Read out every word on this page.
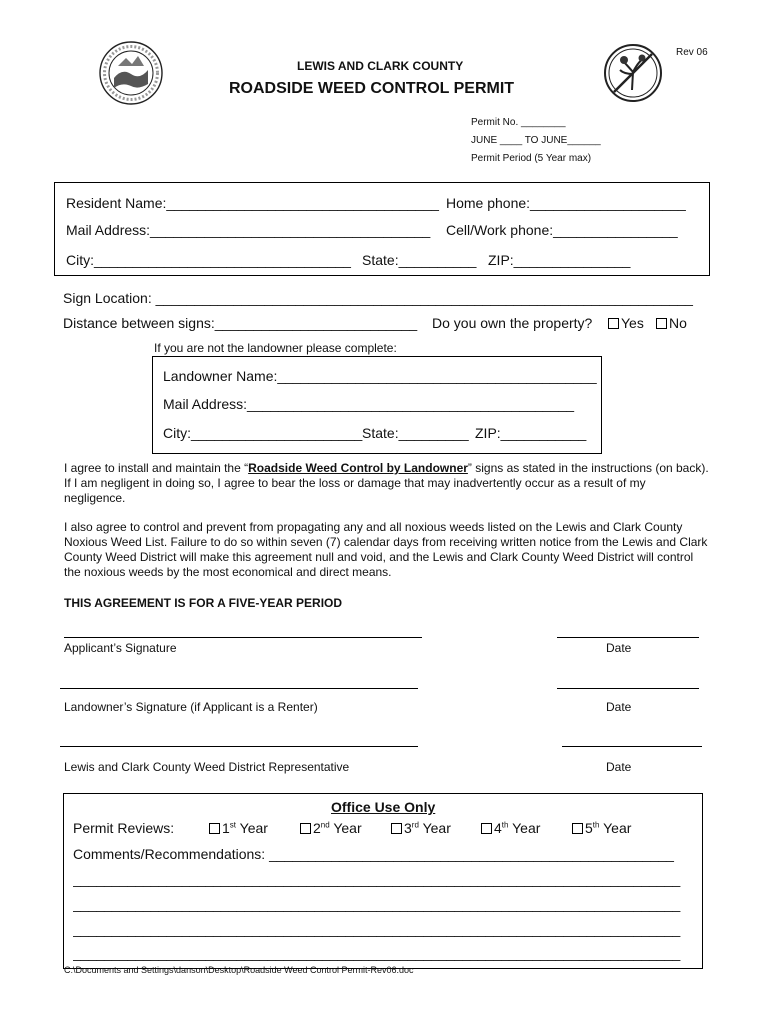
Rev 06
LEWIS AND CLARK COUNTY
ROADSIDE WEED CONTROL PERMIT
Permit No. ________
JUNE ____ TO JUNE______
Permit Period (5 Year max)
Resident Name:___________________________________ Home phone:____________________
Mail Address:____________________________________ Cell/Work phone:________________
City:_________________________________ State:__________ ZIP:_______________
Sign Location: _____________________________________________________________________
Distance between signs:__________________________ Do you own the property?	Yes	No
If you are not the landowner please complete:
Landowner Name:_________________________________________
Mail Address:__________________________________________
City:______________________ State:_________ ZIP:___________
I agree to install and maintain the “Roadside Weed Control by Landowner” signs as stated in the instructions (on back). If I am negligent in doing so, I agree to bear the loss or damage that may inadvertently occur as a result of my negligence.
I also agree to control and prevent from propagating any and all noxious weeds listed on the Lewis and Clark County Noxious Weed List. Failure to do so within seven (7) calendar days from receiving written notice from the Lewis and Clark County Weed District will make this agreement null and void, and the Lewis and Clark County Weed District will control the noxious weeds by the most economical and direct means.
THIS AGREEMENT IS FOR A FIVE-YEAR PERIOD
Applicant’s Signature	Date
Landowner’s Signature (if Applicant is a Renter)	Date
Lewis and Clark County Weed District Representative	Date
Office Use Only
Permit Reviews:	1st Year	2nd Year	3rd Year	4th Year	5th Year
Comments/Recommendations: ____________________________________________________
______________________________________________________________________________
______________________________________________________________________________
______________________________________________________________________________
______________________________________________________________________________
C:\Documents and Settings\danson\Desktop\Roadside Weed Control Permit-Rev06.doc
